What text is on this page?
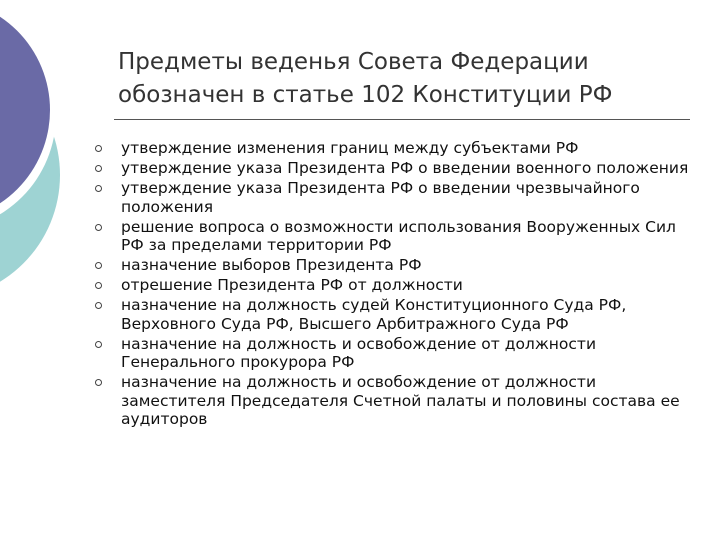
Предметы веденья Совета Федерации
обозначен в статье 102 Конституции РФ
утверждение изменения границ между субъектами РФ
утверждение указа Президента РФ о введении военного положения
утверждение указа Президента РФ о введении чрезвычайного положения
решение вопроса о возможности использования Вооруженных Сил РФ за пределами территории РФ
назначение выборов Президента РФ
отрешение Президента РФ от должности
назначение на должность судей Конституционного Суда РФ, Верховного Суда РФ, Высшего Арбитражного Суда РФ
назначение на должность и освобождение от должности Генерального прокурора РФ
назначение на должность и освобождение от должности заместителя Председателя Счетной палаты и половины состава ее аудиторов
